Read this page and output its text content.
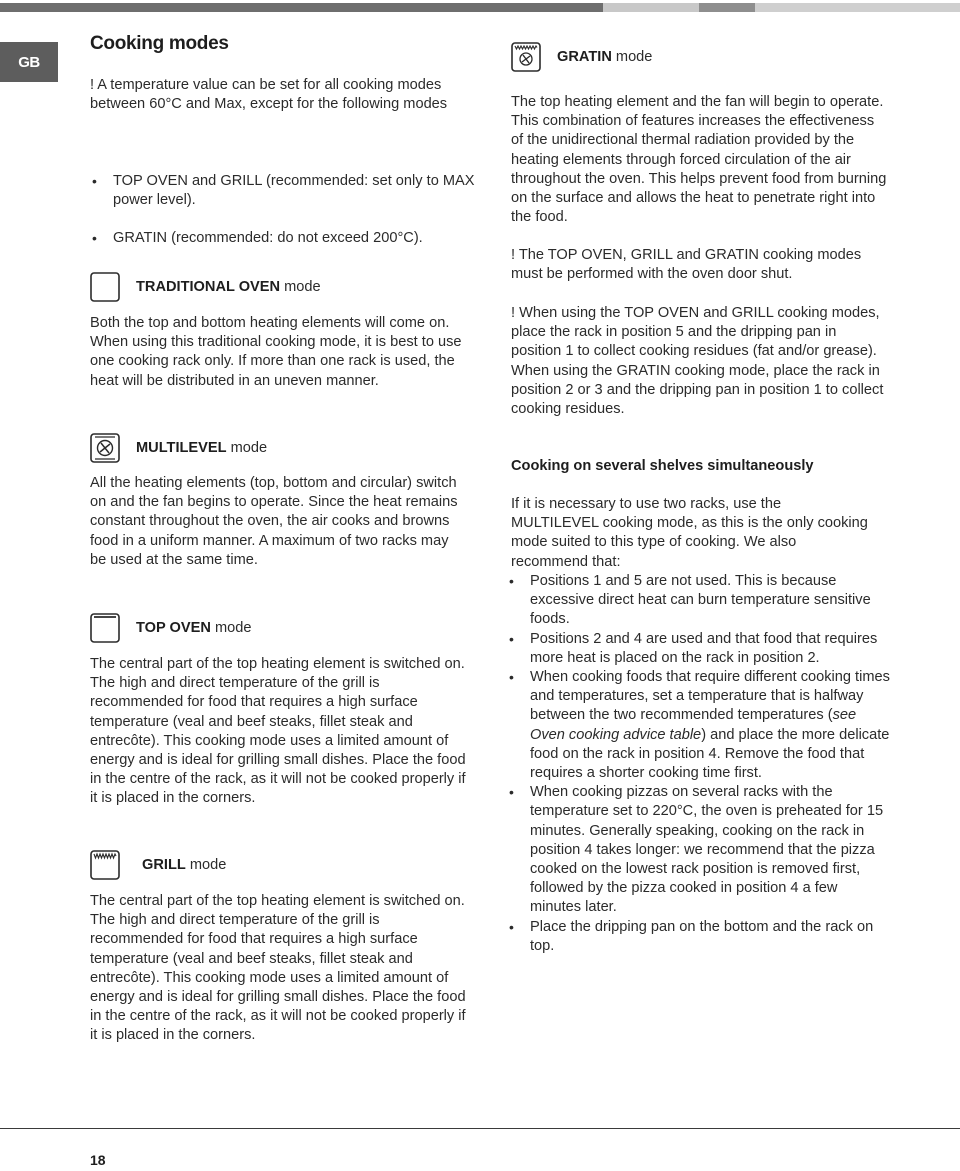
GB
Cooking modes

! A temperature value can be set for all cooking modes between 60°C and Max, except for the following modes

• TOP OVEN and GRILL (recommended: set only to MAX power level).
• GRATIN (recommended: do not exceed 200°C).
TRADITIONAL OVEN mode

Both the top and bottom heating elements will come on. When using this traditional cooking mode, it is best to use one cooking rack only. If more than one rack is used, the heat will be distributed in an uneven manner.

MULTILEVEL mode

All the heating elements (top, bottom and circular) switch on and the fan begins to operate. Since the heat remains constant throughout the oven, the air cooks and browns food in a uniform manner. A maximum of two racks may be used at the same time.

TOP OVEN mode

The central part of the top heating element is switched on. The high and direct temperature of the grill is recommended for food that requires a high surface temperature (veal and beef steaks, fillet steak and entrecôte). This cooking mode uses a limited amount of energy and is ideal for grilling small dishes. Place the food in the centre of the rack, as it will not be cooked properly if it is placed in the corners.

GRILL mode

The central part of the top heating element is switched on. The high and direct temperature of the grill is recommended for food that requires a high surface temperature (veal and beef steaks, fillet steak and entrecôte). This cooking mode uses a limited amount of energy and is ideal for grilling small dishes. Place the food in the centre of the rack, as it will not be cooked properly if it is placed in the corners.

GRATIN mode

The top heating element and the fan will begin to operate. This combination of features increases the effectiveness of the unidirectional thermal radiation provided by the heating elements through forced circulation of the air throughout the oven. This helps prevent food from burning on the surface and allows the heat to penetrate right into the food.

! The TOP OVEN, GRILL and GRATIN cooking modes must be performed with the oven door shut.

! When using the TOP OVEN and GRILL cooking modes, place the rack in position 5 and the dripping pan in position 1 to collect cooking residues (fat and/or grease). When using the GRATIN cooking mode, place the rack in position 2 or 3 and the dripping pan in position 1 to collect cooking residues.

Cooking on several shelves simultaneously

If it is necessary to use two racks, use the MULTILEVEL cooking mode, as this is the only cooking mode suited to this type of cooking. We also recommend that:

• Positions 1 and 5 are not used. This is because excessive direct heat can burn temperature sensitive foods.
• Positions 2 and 4 are used and that food that requires more heat is placed on the rack in position 2.
• When cooking foods that require different cooking times and temperatures, set a temperature that is halfway between the two recommended temperatures (see Oven cooking advice table) and place the more delicate food on the rack in position 4. Remove the food that requires a shorter cooking time first.
• When cooking pizzas on several racks with the temperature set to 220°C, the oven is preheated for 15 minutes. Generally speaking, cooking on the rack in position 4 takes longer: we recommend that the pizza cooked on the lowest rack position is removed first, followed by the pizza cooked in position 4 a few minutes later.
• Place the dripping pan on the bottom and the rack on top.
18
